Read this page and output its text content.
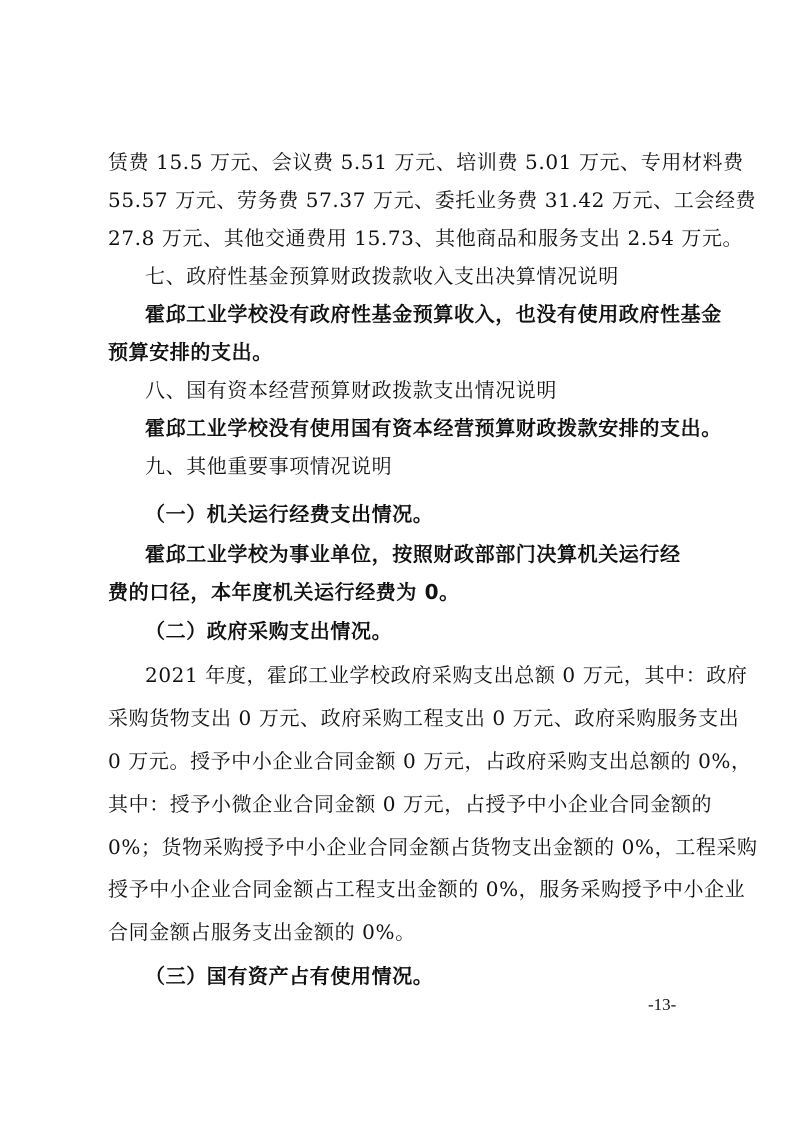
赁费 15.5 万元、会议费 5.51 万元、培训费 5.01 万元、专用材料费
55.57 万元、劳务费 57.37 万元、委托业务费 31.42 万元、工会经费
27.8 万元、其他交通费用 15.73、其他商品和服务支出 2.54 万元。
七、政府性基金预算财政拨款收入支出决算情况说明
霍邱工业学校没有政府性基金预算收入，也没有使用政府性基金
预算安排的支出。
八、国有资本经营预算财政拨款支出情况说明
霍邱工业学校没有使用国有资本经营预算财政拨款安排的支出。
九、其他重要事项情况说明
（一）机关运行经费支出情况。
霍邱工业学校为事业单位，按照财政部部门决算机关运行经
费的口径，本年度机关运行经费为 0。
（二）政府采购支出情况。
2021 年度，霍邱工业学校政府采购支出总额 0 万元，其中：政府
采购货物支出 0 万元、政府采购工程支出 0 万元、政府采购服务支出
0 万元。授予中小企业合同金额 0 万元，占政府采购支出总额的 0%，
其中：授予小微企业合同金额 0 万元，占授予中小企业合同金额的
0%；货物采购授予中小企业合同金额占货物支出金额的 0%，工程采购
授予中小企业合同金额占工程支出金额的 0%，服务采购授予中小企业
合同金额占服务支出金额的 0%。
（三）国有资产占有使用情况。
-13-
